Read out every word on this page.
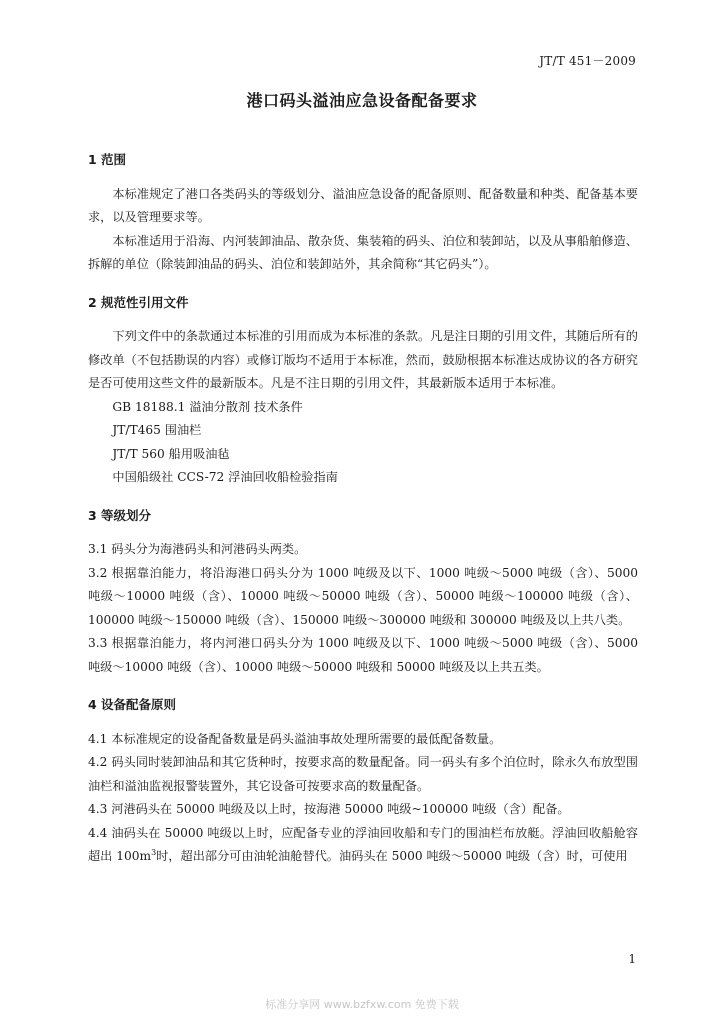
JT/T 451－2009
港口码头溢油应急设备配备要求

1 范围

本标准规定了港口各类码头的等级划分、溢油应急设备的配备原则、配备数量和种类、配备基本要求，以及管理要求等。

本标准适用于沿海、内河装卸油品、散杂货、集装箱的码头、泊位和装卸站，以及从事船舶修造、拆解的单位（除装卸油品的码头、泊位和装卸站外，其余简称“其它码头”）。

2 规范性引用文件

下列文件中的条款通过本标准的引用而成为本标准的条款。凡是注日期的引用文件，其随后所有的修改单（不包括勘误的内容）或修订版均不适用于本标准，然而，鼓励根据本标准达成协议的各方研究是否可使用这些文件的最新版本。凡是不注日期的引用文件，其最新版本适用于本标准。

GB 18188.1 溢油分散剂 技术条件

JT/T465 围油栏

JT/T 560 船用吸油毡

中国船级社 CCS-72 浮油回收船检验指南

3 等级划分

3.1 码头分为海港码头和河港码头两类。

3.2 根据靠泊能力，将沿海港口码头分为 1000 吨级及以下、1000 吨级～5000 吨级（含）、5000 吨级～10000 吨级（含）、10000 吨级～50000 吨级（含）、50000 吨级～100000 吨级（含）、100000 吨级～150000 吨级（含）、150000 吨级～300000 吨级和 300000 吨级及以上共八类。

3.3 根据靠泊能力，将内河港口码头分为 1000 吨级及以下、1000 吨级～5000 吨级（含）、5000 吨级～10000 吨级（含）、10000 吨级～50000 吨级和 50000 吨级及以上共五类。

4 设备配备原则

4.1 本标准规定的设备配备数量是码头溢油事故处理所需要的最低配备数量。

4.2 码头同时装卸油品和其它货种时，按要求高的数量配备。同一码头有多个泊位时，除永久布放型围油栏和溢油监视报警装置外，其它设备可按要求高的数量配备。

4.3 河港码头在 50000 吨级及以上时，按海港 50000 吨级~100000 吨级（含）配备。

4.4 油码头在 50000 吨级以上时，应配备专业的浮油回收船和专门的围油栏布放艇。浮油回收船舱容超出 $100m^3$时，超出部分可由油轮油舱替代。油码头在 5000 吨级～50000 吨级（含）时，可使用

1
标准分享网 www.bzfxw.com 免费下载
